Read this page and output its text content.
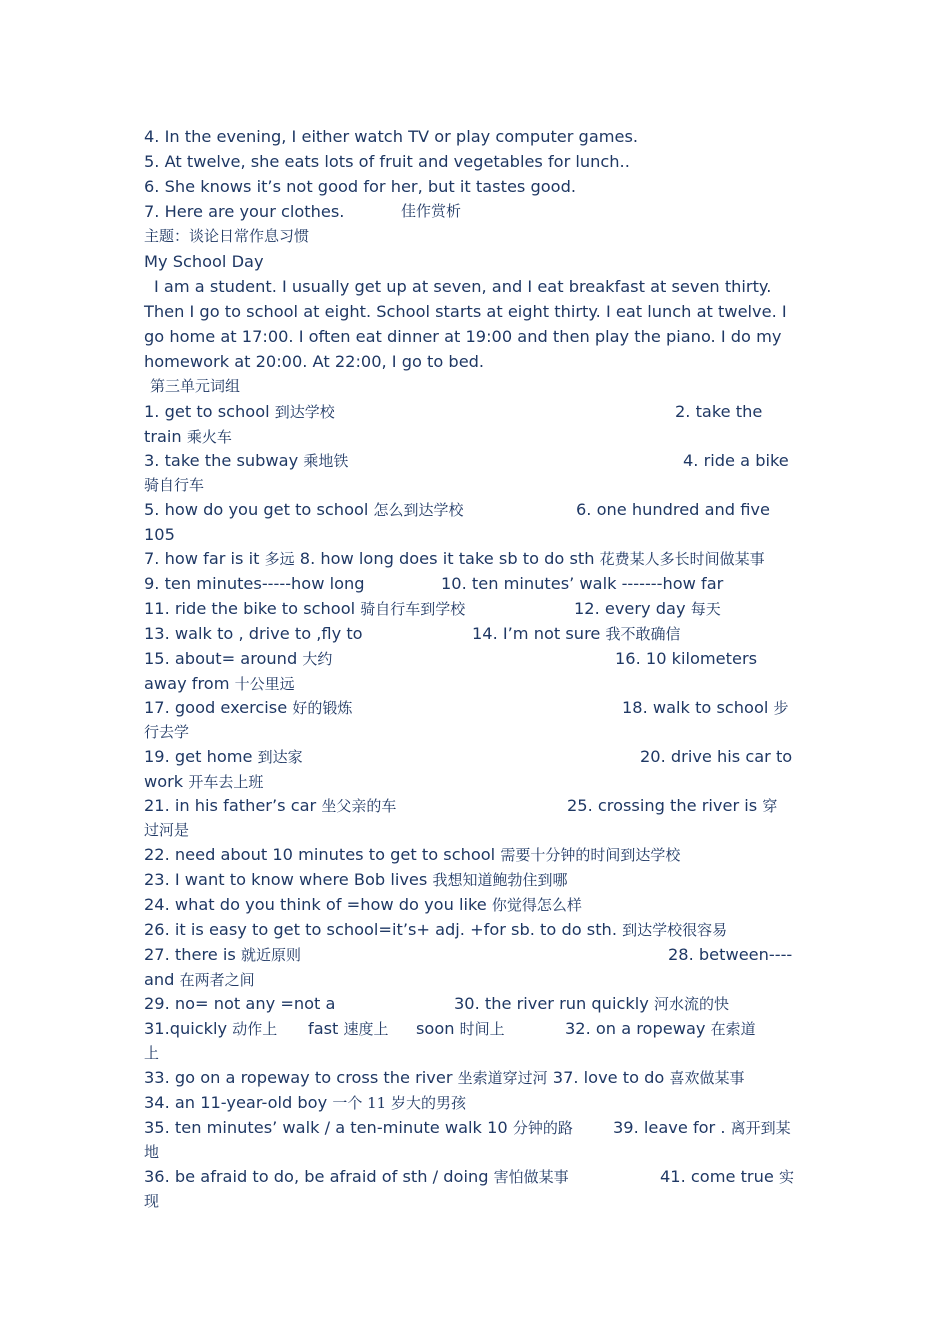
4. In the evening, I either watch TV or play computer games.
5. At twelve, she eats lots of fruit and vegetables for lunch..
6. She knows it’s not good for her, but it tastes good.
7. Here are your clothes.	佳作赏析
主题：谈论日常作息习惯
My School Day
I am a student. I usually get up at seven, and I eat breakfast at seven thirty. Then I go to school at eight. School starts at eight thirty. I eat lunch at twelve. I go home at 17:00. I often eat dinner at 19:00 and then play the piano. I do my homework at 20:00. At 22:00, I go to bed.
第三单元词组
1. get to school 到达学校	2. take the
train 乘火车
3. take the subway 乘地铁	4. ride a bike
骑自行车
5. how do you get to school 怎么到达学校	6. one hundred and five
105
7. how far is it 多远 8. how long does it take sb to do sth 花费某人多长时间做某事
9. ten minutes-----how long	10. ten minutes’ walk -------how far
11. ride the bike to school 骑自行车到学校	12. every day 每天
13. walk to , drive to ,fly to	14. I’m not sure 我不敢确信
15. about= around 大约	16. 10 kilometers
away from 十公里远
17. good exercise 好的锻炼	18. walk to school 步
行去学
19. get home 到达家	20. drive his car to
work 开车去上班
21. in his father’s car 坐父亲的车	25. crossing the river is 穿
过河是
22. need about 10 minutes to get to school 需要十分钟的时间到达学校
23. I want to know where Bob lives 我想知道鲍勃住到哪
24. what do you think of =how do you like 你觉得怎么样
26. it is easy to get to school=it’s+ adj. +for sb. to do sth. 到达学校很容易
27. there is 就近原则	28. between----
and 在两者之间
29. no= not any =not a	30. the river run quickly 河水流的快
31.quickly 动作上 fast 速度上 soon 时间上	32. on a ropeway 在索道
上
33. go on a ropeway to cross the river 坐索道穿过河 37. love to do 喜欢做某事
34. an 11-year-old boy 一个 11 岁大的男孩
35. ten minutes’ walk / a ten-minute walk 10 分钟的路 39. leave for . 离开到某
地
36. be afraid to do, be afraid of sth / doing 害怕做某事	41. come true 实
现
